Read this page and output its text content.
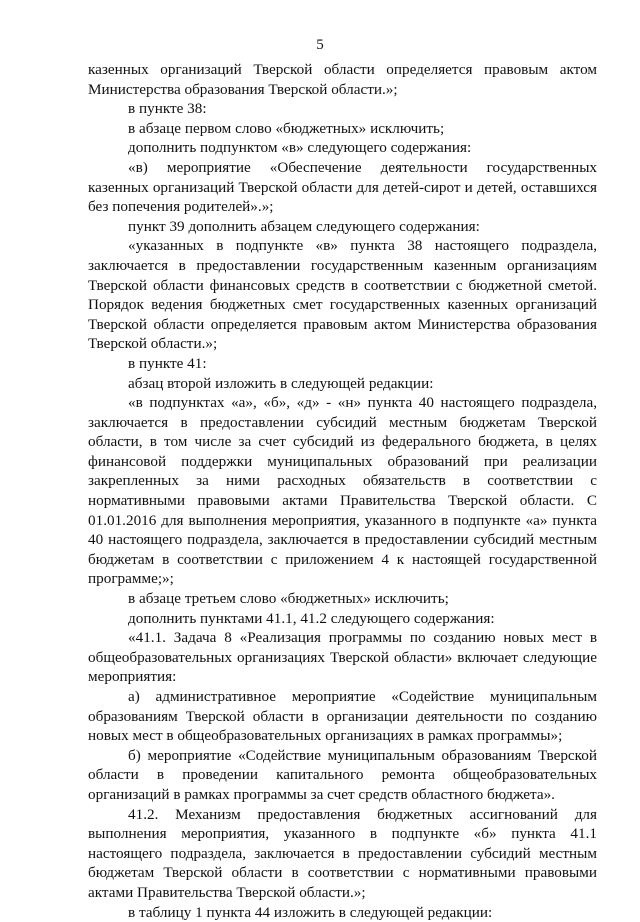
5

казенных организаций Тверской области определяется правовым актом Министерства образования Тверской области.»;

в пункте 38:

в абзаце первом слово «бюджетных» исключить;

дополнить подпунктом «в» следующего содержания:

«в) мероприятие «Обеспечение деятельности государственных казенных организаций Тверской области для детей-сирот и детей, оставшихся без попечения родителей».»;

пункт 39 дополнить абзацем следующего содержания:

«указанных в подпункте «в» пункта 38 настоящего подраздела, заключается в предоставлении государственным казенным организациям Тверской области финансовых средств в соответствии с бюджетной сметой. Порядок ведения бюджетных смет государственных казенных организаций Тверской области определяется правовым актом Министерства образования Тверской области.»;

в пункте 41:

абзац второй изложить в следующей редакции:

«в подпунктах «а», «б», «д» - «н» пункта 40 настоящего подраздела, заключается в предоставлении субсидий местным бюджетам Тверской области, в том числе за счет субсидий из федерального бюджета, в целях финансовой поддержки муниципальных образований при реализации закрепленных за ними расходных обязательств в соответствии с нормативными правовыми актами Правительства Тверской области. С 01.01.2016 для выполнения мероприятия, указанного в подпункте «а» пункта 40 настоящего подраздела, заключается в предоставлении субсидий местным бюджетам в соответствии с приложением 4 к настоящей государственной программе;»;

в абзаце третьем слово «бюджетных» исключить;

дополнить пунктами 41.1, 41.2 следующего содержания:

«41.1. Задача 8 «Реализация программы по созданию новых мест в общеобразовательных организациях Тверской области» включает следующие мероприятия:

а) административное мероприятие «Содействие муниципальным образованиям Тверской области в организации деятельности по созданию новых мест в общеобразовательных организациях в рамках программы»;

б) мероприятие «Содействие муниципальным образованиям Тверской области в проведении капитального ремонта общеобразовательных организаций в рамках программы за счет средств областного бюджета».

41.2. Механизм предоставления бюджетных ассигнований для выполнения мероприятия, указанного в подпункте «б» пункта 41.1 настоящего подраздела, заключается в предоставлении субсидий местным бюджетам Тверской области в соответствии с нормативными правовыми актами Правительства Тверской области.»;

в таблицу 1 пункта 44 изложить в следующей редакции:
